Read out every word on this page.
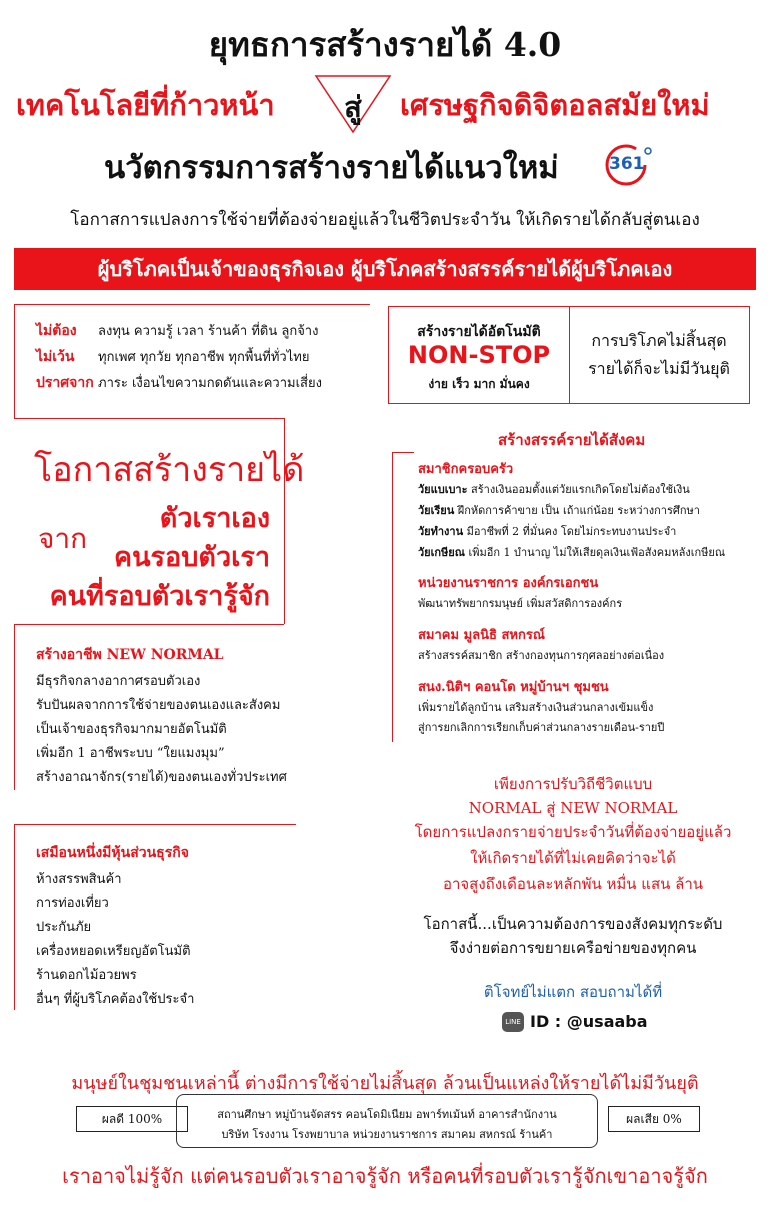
ยุทธการสร้างรายได้ 4.0
เทคโนโลยีที่ก้าวหน้า	สู่	เศรษฐกิจดิจิตอลสมัยใหม่
นวัตกรรมการสร้างรายได้แนวใหม่	361
โอกาสการแปลงการใช้จ่ายที่ต้องจ่ายอยู่แล้วในชีวิตประจำวัน ให้เกิดรายได้กลับสู่ตนเอง
ผู้บริโภคเป็นเจ้าของธุรกิจเอง ผู้บริโภคสร้างสรรค์รายได้ผู้บริโภคเอง
ไม่ต้อง ลงทุน ความรู้ เวลา ร้านค้า ที่ดิน ลูกจ้าง
ไม่เว้น ทุกเพศ ทุกวัย ทุกอาชีพ ทุกพื้นที่ทั่วไทย
ปราศจาก ภาระ เงื่อนไขความกดดันและความเสี่ยง
สร้างรายได้อัตโนมัติ
NON-STOP
ง่าย เร็ว มาก มั่นคง
การบริโภคไม่สิ้นสุด
รายได้ก็จะไม่มีวันยุติ
โอกาสสร้างรายได้
ตัวเราเอง
จาก
คนรอบตัวเรา
คนที่รอบตัวเรารู้จัก
สร้างอาชีพ NEW NORMAL
มีธุรกิจกลางอากาศรอบตัวเอง
รับปันผลจากการใช้จ่ายของตนเองและสังคม
เป็นเจ้าของธุรกิจมากมายอัตโนมัติ
เพิ่มอีก 1 อาชีพระบบ “ใยแมงมุม”
สร้างอาณาจักร(รายได้)ของตนเองทั่วประเทศ
เสมือนหนึ่งมีหุ้นส่วนธุรกิจ
ห้างสรรพสินค้า
การท่องเที่ยว
ประกันภัย
เครื่องหยอดเหรียญอัตโนมัติ
ร้านดอกไม้อวยพร
อื่นๆ ที่ผู้บริโภคต้องใช้ประจำ
สร้างสรรค์รายได้สังคม
สมาชิกครอบครัว
วัยแบเบาะ สร้างเงินออมตั้งแต่วัยแรกเกิดโดยไม่ต้องใช้เงิน
วัยเรียน ฝึกหัดการค้าขาย เป็น เถ้าแก่น้อย ระหว่างการศึกษา
วัยทำงาน มีอาชีพที่ 2 ที่มั่นคง โดยไม่กระทบงานประจำ
วัยเกษียณ เพิ่มอีก 1 บำนาญ ไม่ให้เสียดุลเงินเฟ้อสังคมหลังเกษียณ
หน่วยงานราชการ องค์กรเอกชน
พัฒนาทรัพยากรมนุษย์ เพิ่มสวัสดิการองค์กร
สมาคม มูลนิธิ สหกรณ์
สร้างสรรค์สมาชิก สร้างกองทุนการกุศลอย่างต่อเนื่อง
สนง.นิติฯ คอนโด หมู่บ้านฯ ชุมชน
เพิ่มรายได้ลูกบ้าน เสริมสร้างเงินส่วนกลางเข้มแข็ง
สู่การยกเลิกการเรียกเก็บค่าส่วนกลางรายเดือน-รายปี
เพียงการปรับวิถีชีวิตแบบ
NORMAL สู่ NEW NORMAL
โดยการแปลงกรายจ่ายประจำวันที่ต้องจ่ายอยู่แล้ว
ให้เกิดรายได้ที่ไม่เคยคิดว่าจะได้
อาจสูงถึงเดือนละหลักพัน หมื่น แสน ล้าน
โอกาสนี้...เป็นความต้องการของสังคมทุกระดับ
จึงง่ายต่อการขยายเครือข่ายของทุกคน
ติโจทย์ไม่แตก สอบถามได้ที่
LINE ID : @usaaba
มนุษย์ในชุมชนเหล่านี้ ต่างมีการใช้จ่ายไม่สิ้นสุด ล้วนเป็นแหล่งให้รายได้ไม่มีวันยุติ
ผลดี 100%	สถานศึกษา หมู่บ้านจัดสรร คอนโดมิเนียม อพาร์ทเม้นท์ อาคารสำนักงาน
บริษัท โรงงาน โรงพยาบาล หน่วยงานราชการ สมาคม สหกรณ์ ร้านค้า
ผลเสีย 0%
เราอาจไม่รู้จัก แต่คนรอบตัวเราอาจรู้จัก หรือคนที่รอบตัวเรารู้จักเขาอาจรู้จัก
